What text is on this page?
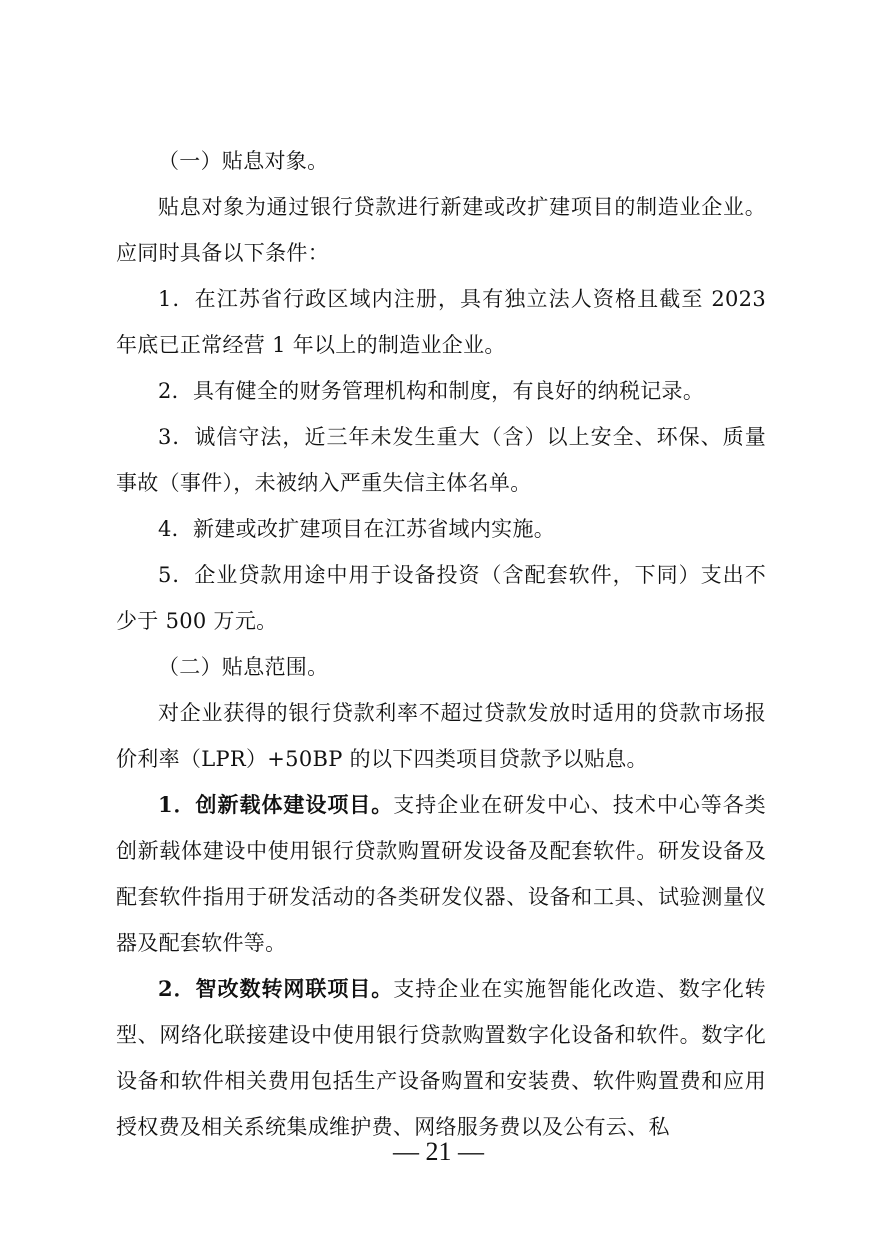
（一）贴息对象。

贴息对象为通过银行贷款进行新建或改扩建项目的制造业企业。应同时具备以下条件：

1．在江苏省行政区域内注册，具有独立法人资格且截至 2023 年底已正常经营 1 年以上的制造业企业。

2．具有健全的财务管理机构和制度，有良好的纳税记录。

3．诚信守法，近三年未发生重大（含）以上安全、环保、质量事故（事件），未被纳入严重失信主体名单。

4．新建或改扩建项目在江苏省域内实施。

5．企业贷款用途中用于设备投资（含配套软件，下同）支出不少于 500 万元。

（二）贴息范围。

对企业获得的银行贷款利率不超过贷款发放时适用的贷款市场报价利率（LPR）+50BP 的以下四类项目贷款予以贴息。

1．创新载体建设项目。支持企业在研发中心、技术中心等各类创新载体建设中使用银行贷款购置研发设备及配套软件。研发设备及配套软件指用于研发活动的各类研发仪器、设备和工具、试验测量仪器及配套软件等。

2．智改数转网联项目。支持企业在实施智能化改造、数字化转型、网络化联接建设中使用银行贷款购置数字化设备和软件。数字化设备和软件相关费用包括生产设备购置和安装费、软件购置费和应用授权费及相关系统集成维护费、网络服务费以及公有云、私

— 21 —
